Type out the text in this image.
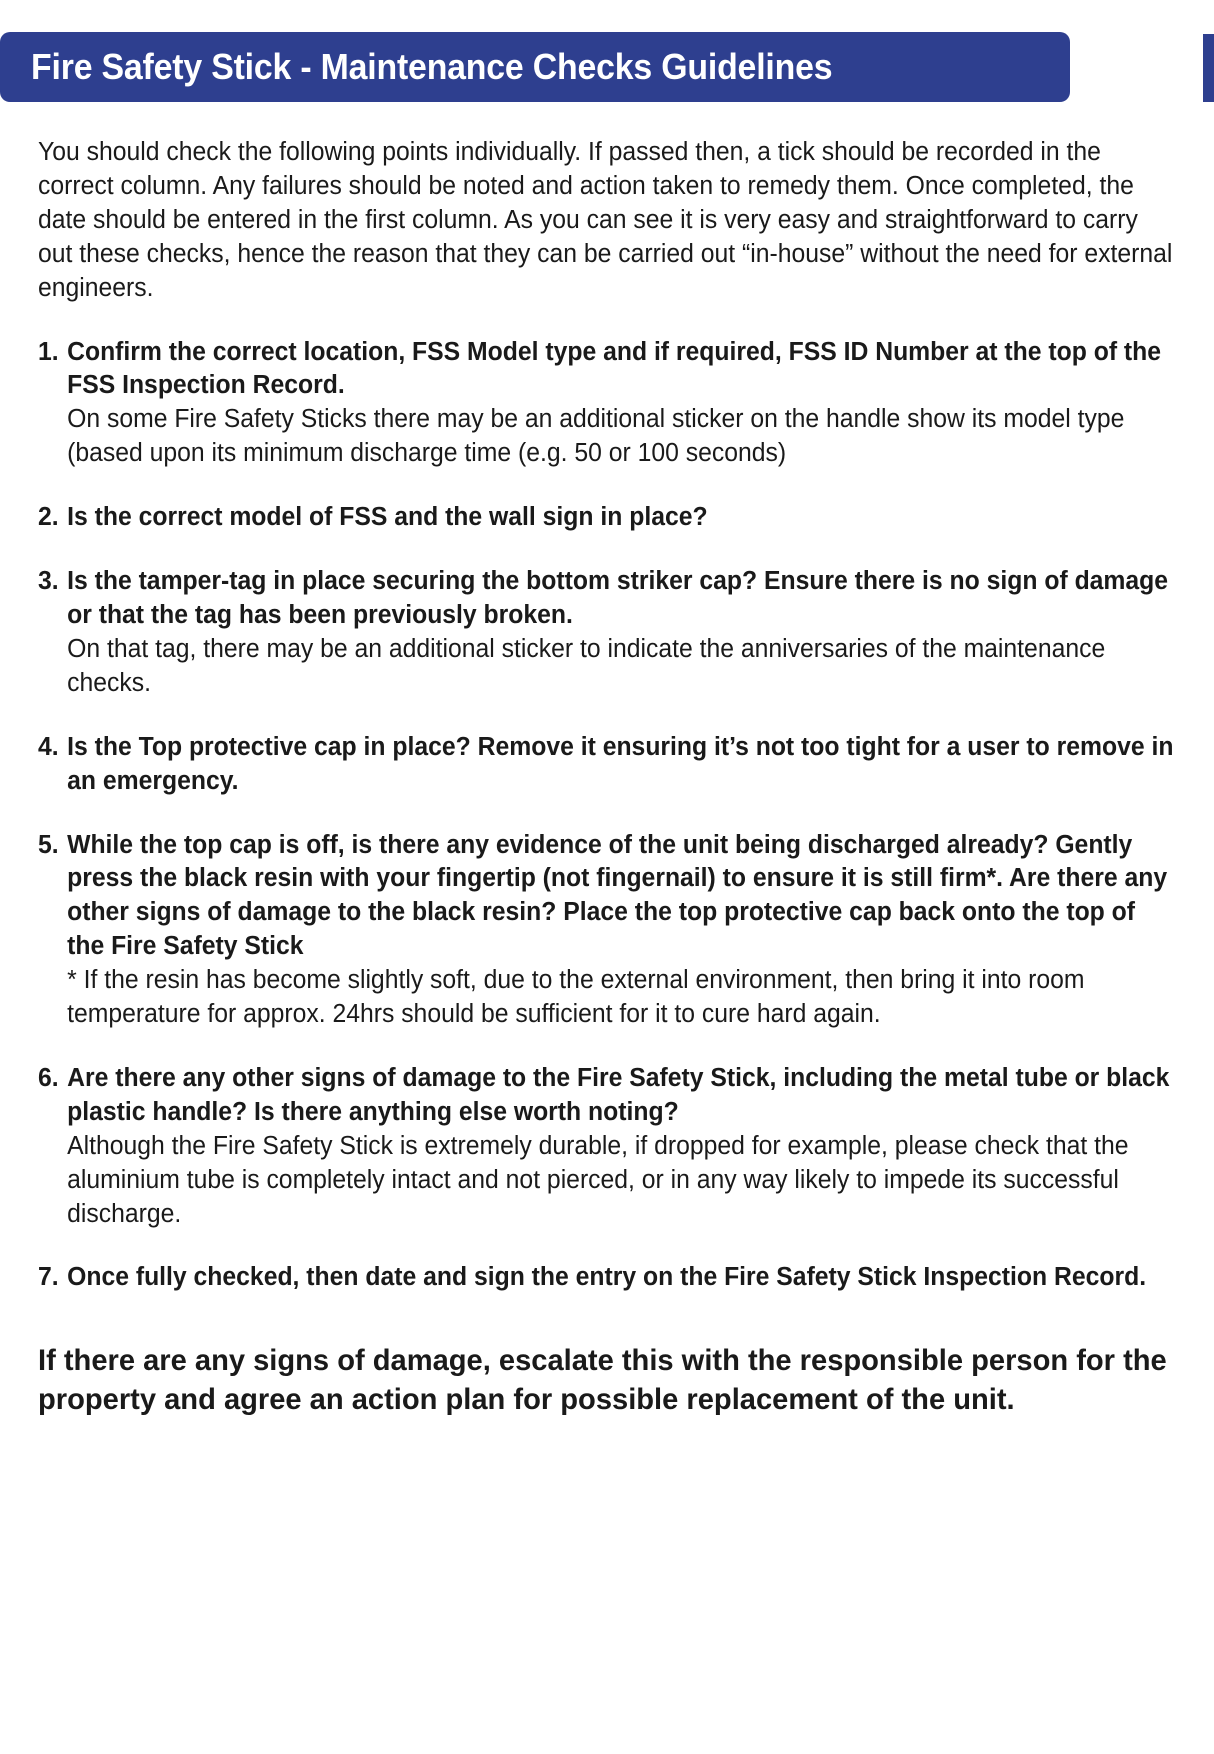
Fire Safety Stick - Maintenance Checks Guidelines

You should check the following points individually. If passed then, a tick should be recorded in the correct column. Any failures should be noted and action taken to remedy them. Once completed, the date should be entered in the first column. As you can see it is very easy and straightforward to carry out these checks, hence the reason that they can be carried out “in-house” without the need for external engineers.

1. Confirm the correct location, FSS Model type and if required, FSS ID Number at the top of the FSS Inspection Record.

On some Fire Safety Sticks there may be an additional sticker on the handle show its model type (based upon its minimum discharge time (e.g. 50 or 100 seconds)

2. Is the correct model of FSS and the wall sign in place?

3. Is the tamper-tag in place securing the bottom striker cap? Ensure there is no sign of damage or that the tag has been previously broken.

On that tag, there may be an additional sticker to indicate the anniversaries of the maintenance checks.

4. Is the Top protective cap in place? Remove it ensuring it’s not too tight for a user to remove in an emergency.

5. While the top cap is off, is there any evidence of the unit being discharged already? Gently press the black resin with your fingertip (not fingernail) to ensure it is still firm*. Are there any other signs of damage to the black resin? Place the top protective cap back onto the top of the Fire Safety Stick

* If the resin has become slightly soft, due to the external environment, then bring it into room temperature for approx. 24hrs should be sufficient for it to cure hard again.

6. Are there any other signs of damage to the Fire Safety Stick, including the metal tube or black plastic handle? Is there anything else worth noting?

Although the Fire Safety Stick is extremely durable, if dropped for example, please check that the aluminium tube is completely intact and not pierced, or in any way likely to impede its successful discharge.

7. Once fully checked, then date and sign the entry on the Fire Safety Stick Inspection Record.

If there are any signs of damage, escalate this with the responsible person for the property and agree an action plan for possible replacement of the unit.
